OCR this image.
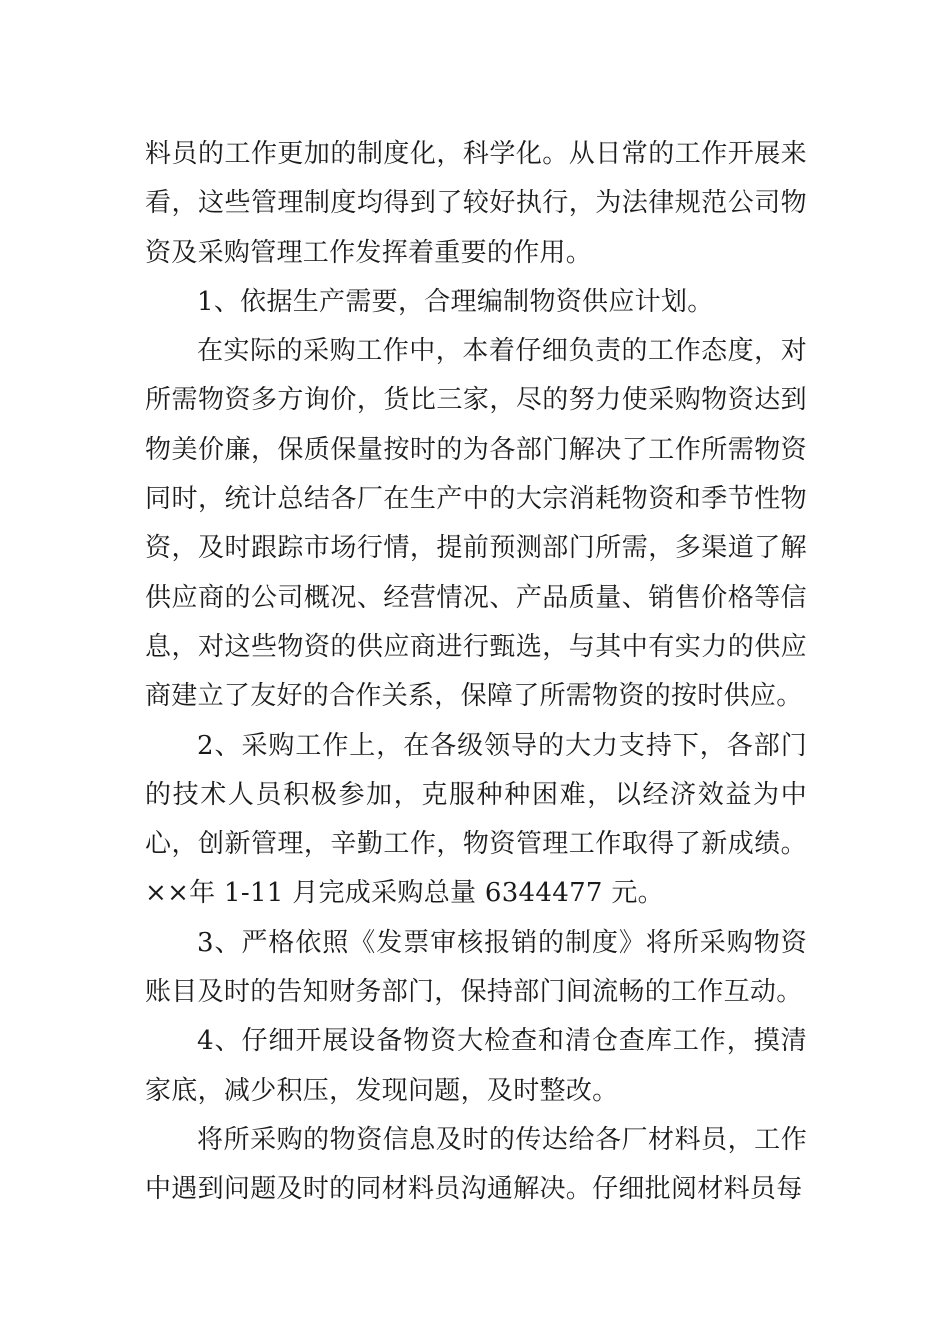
料员的工作更加的制度化，科学化。从日常的工作开展来看，这些管理制度均得到了较好执行，为法律规范公司物资及采购管理工作发挥着重要的作用。

1、依据生产需要，合理编制物资供应计划。

在实际的采购工作中，本着仔细负责的工作态度，对所需物资多方询价，货比三家，尽的努力使采购物资达到物美价廉，保质保量按时的为各部门解决了工作所需物资同时，统计总结各厂在生产中的大宗消耗物资和季节性物资，及时跟踪市场行情，提前预测部门所需，多渠道了解供应商的公司概况、经营情况、产品质量、销售价格等信息，对这些物资的供应商进行甄选，与其中有实力的供应商建立了友好的合作关系，保障了所需物资的按时供应。

2、采购工作上，在各级领导的大力支持下，各部门的技术人员积极参加，克服种种困难，以经济效益为中心，创新管理，辛勤工作，物资管理工作取得了新成绩。××年 1-11 月完成采购总量 6344477 元。

3、严格依照《发票审核报销的制度》将所采购物资账目及时的告知财务部门，保持部门间流畅的工作互动。

4、仔细开展设备物资大检查和清仓查库工作，摸清家底，减少积压，发现问题，及时整改。

将所采购的物资信息及时的传达给各厂材料员，工作中遇到问题及时的同材料员沟通解决。仔细批阅材料员每
